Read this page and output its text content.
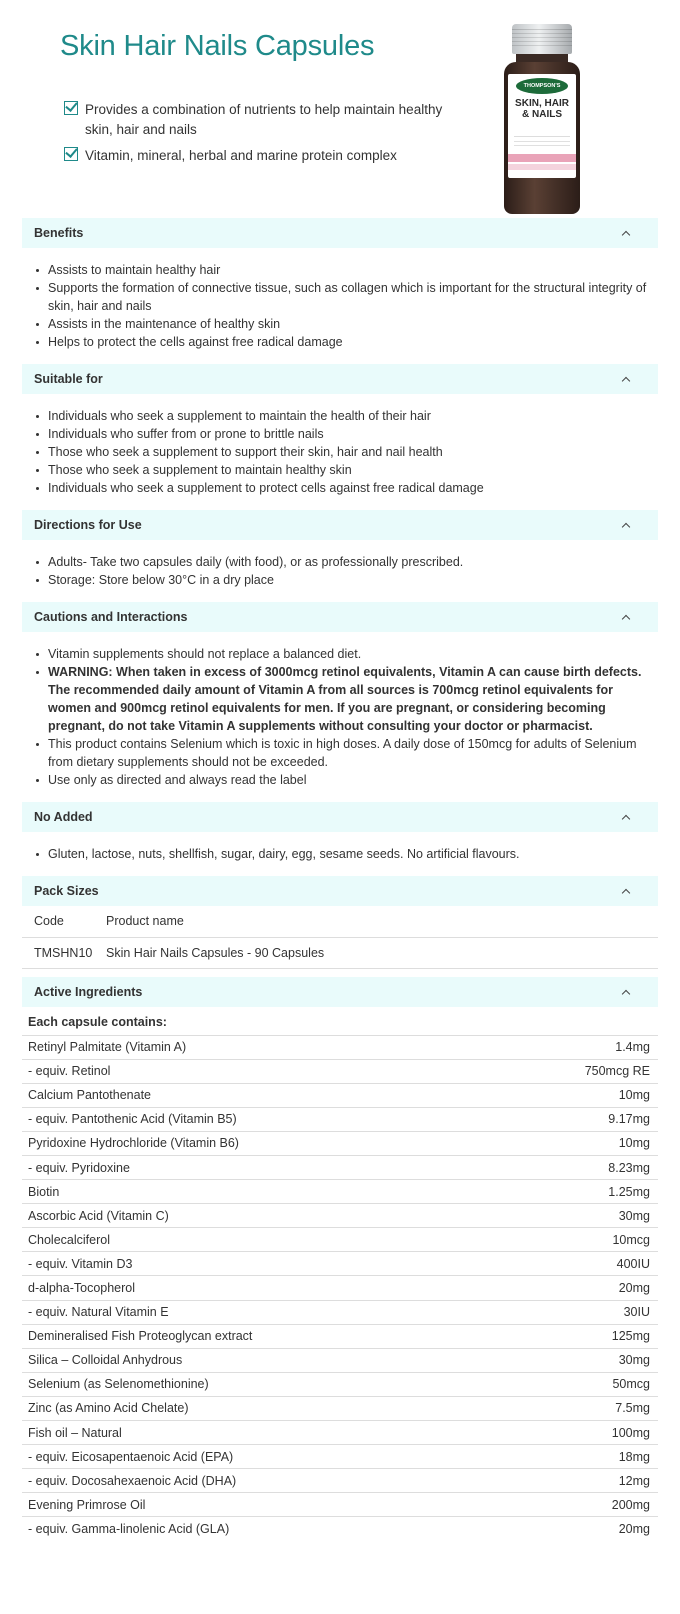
Skin Hair Nails Capsules
Provides a combination of nutrients to help maintain healthy skin, hair and nails
Vitamin, mineral, herbal and marine protein complex
THOMPSON'S
SKIN, HAIR
& NAILS
Benefits
Assists to maintain healthy hair
Supports the formation of connective tissue, such as collagen which is important for the structural integrity of skin, hair and nails
Assists in the maintenance of healthy skin
Helps to protect the cells against free radical damage
Suitable for
Individuals who seek a supplement to maintain the health of their hair
Individuals who suffer from or prone to brittle nails
Those who seek a supplement to support their skin, hair and nail health
Those who seek a supplement to maintain healthy skin
Individuals who seek a supplement to protect cells against free radical damage
Directions for Use
Adults- Take two capsules daily (with food), or as professionally prescribed.
Storage: Store below 30°C in a dry place
Cautions and Interactions
Vitamin supplements should not replace a balanced diet.
WARNING: When taken in excess of 3000mcg retinol equivalents, Vitamin A can cause birth defects. The recommended daily amount of Vitamin A from all sources is 700mcg retinol equivalents for women and 900mcg retinol equivalents for men. If you are pregnant, or considering becoming pregnant, do not take Vitamin A supplements without consulting your doctor or pharmacist.
This product contains Selenium which is toxic in high doses. A daily dose of 150mcg for adults of Selenium from dietary supplements should not be exceeded.
Use only as directed and always read the label
No Added
Gluten, lactose, nuts, shellfish, sugar, dairy, egg, sesame seeds. No artificial flavours.
Pack Sizes
Code	Product name
TMSHN10	Skin Hair Nails Capsules - 90 Capsules
Active Ingredients
Each capsule contains:
Retinyl Palmitate (Vitamin A)	1.4mg
- equiv. Retinol	750mcg RE
Calcium Pantothenate	10mg
- equiv. Pantothenic Acid (Vitamin B5)	9.17mg
Pyridoxine Hydrochloride (Vitamin B6)	10mg
- equiv. Pyridoxine	8.23mg
Biotin	1.25mg
Ascorbic Acid (Vitamin C)	30mg
Cholecalciferol	10mcg
- equiv. Vitamin D3	400IU
d-alpha-Tocopherol	20mg
- equiv. Natural Vitamin E	30IU
Demineralised Fish Proteoglycan extract	125mg
Silica – Colloidal Anhydrous	30mg
Selenium (as Selenomethionine)	50mcg
Zinc (as Amino Acid Chelate)	7.5mg
Fish oil – Natural	100mg
- equiv. Eicosapentaenoic Acid (EPA)	18mg
- equiv. Docosahexaenoic Acid (DHA)	12mg
Evening Primrose Oil	200mg
- equiv. Gamma-linolenic Acid (GLA)	20mg
